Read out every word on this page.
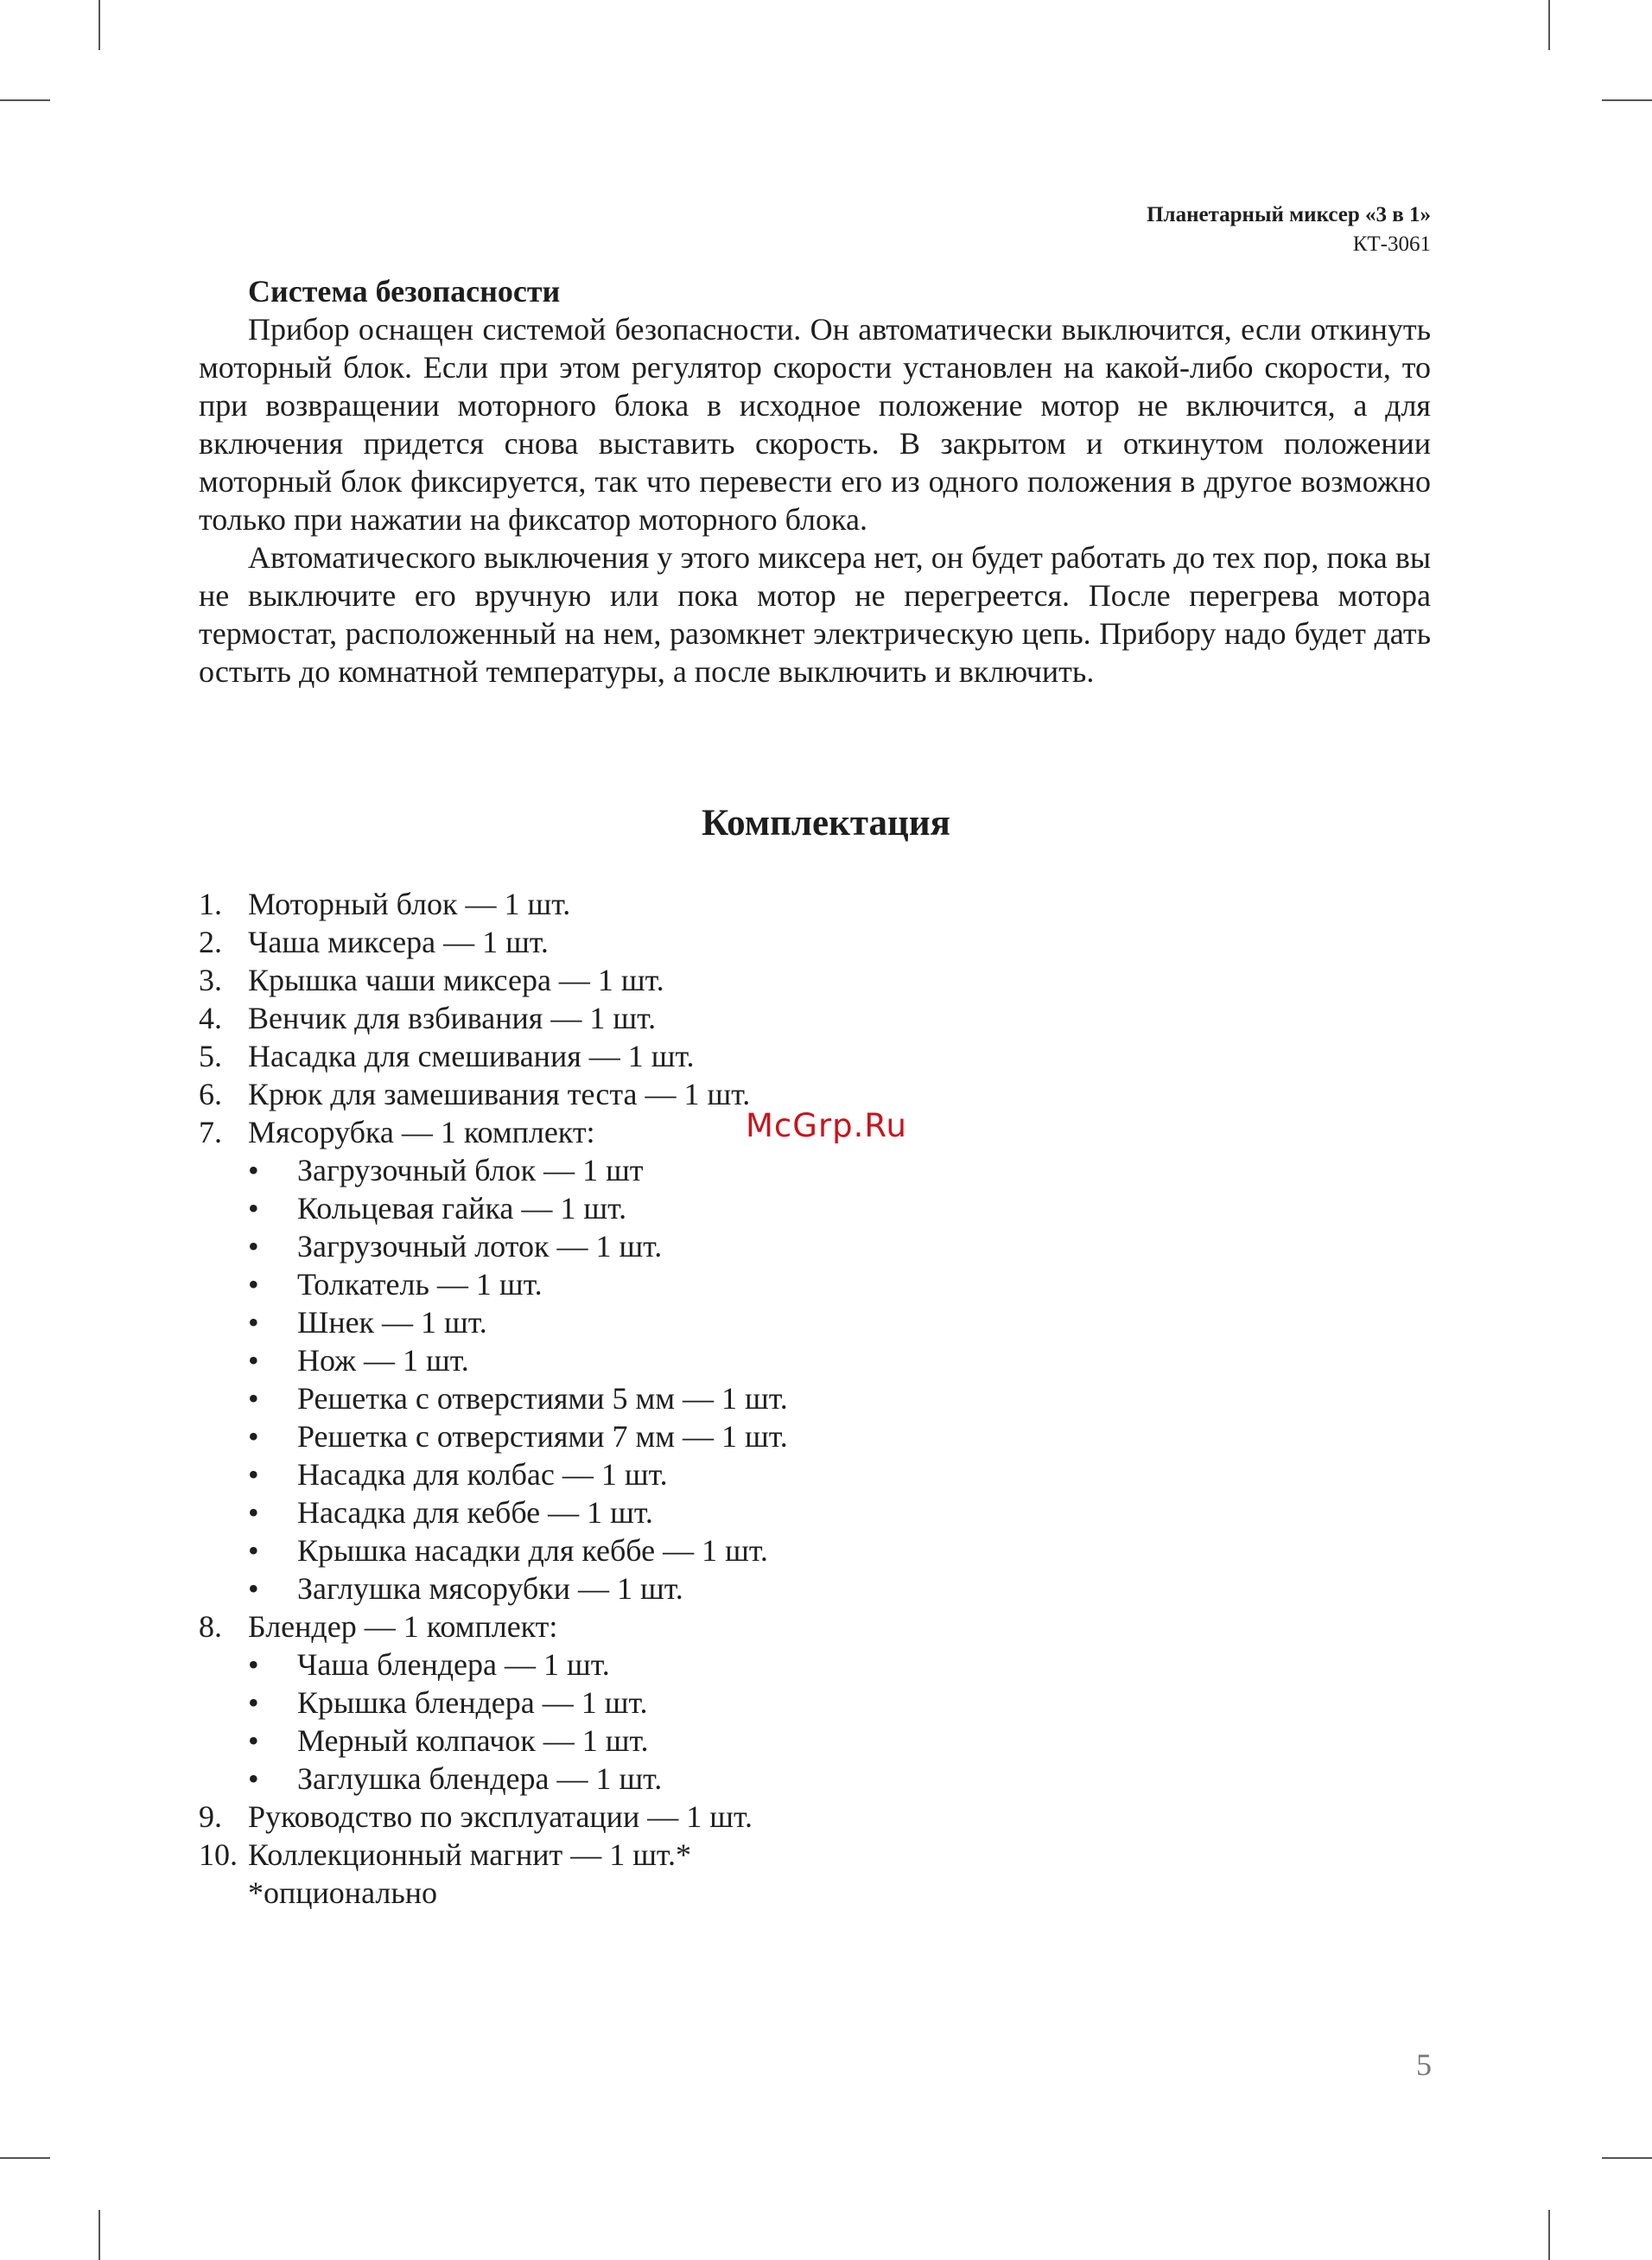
Планетарный миксер «3 в 1»
КТ-3061
Система безопасности

Прибор оснащен системой безопасности. Он автоматически выключится, если откинуть моторный блок. Если при этом регулятор скорости установлен на какой-либо скорости, то при возвращении моторного блока в исходное положение мотор не включится, а для включения придется снова выставить скорость. В закрытом и откинутом положении моторный блок фиксируется, так что перевести его из одного положения в другое возможно только при нажатии на фиксатор моторного блока.

Автоматического выключения у этого миксера нет, он будет работать до тех пор, пока вы не выключите его вручную или пока мотор не перегреется. После перегрева мотора термостат, расположенный на нем, разомкнет электрическую цепь. Прибору надо будет дать остыть до комнатной температуры, а после выключить и включить.

Комплектация
1. Моторный блок — 1 шт.
2. Чаша миксера — 1 шт.
3. Крышка чаши миксера — 1 шт.
4. Венчик для взбивания — 1 шт.
5. Насадка для смешивания — 1 шт.
6. Крюк для замешивания теста — 1 шт.
7. Мясорубка — 1 комплект:
• Загрузочный блок — 1 шт
• Кольцевая гайка — 1 шт.
• Загрузочный лоток — 1 шт.
• Толкатель — 1 шт.
• Шнек — 1 шт.
• Нож — 1 шт.
• Решетка с отверстиями 5 мм — 1 шт.
• Решетка с отверстиями 7 мм — 1 шт.
• Насадка для колбас — 1 шт.
• Насадка для кеббе — 1 шт.
• Крышка насадки для кеббе — 1 шт.
• Заглушка мясорубки — 1 шт.
8. Блендер — 1 комплект:
• Чаша блендера — 1 шт.
• Крышка блендера — 1 шт.
• Мерный колпачок — 1 шт.
• Заглушка блендера — 1 шт.
9. Руководство по эксплуатации — 1 шт.
10. Коллекционный магнит — 1 шт.*
*опционально
McGrp.Ru
5
